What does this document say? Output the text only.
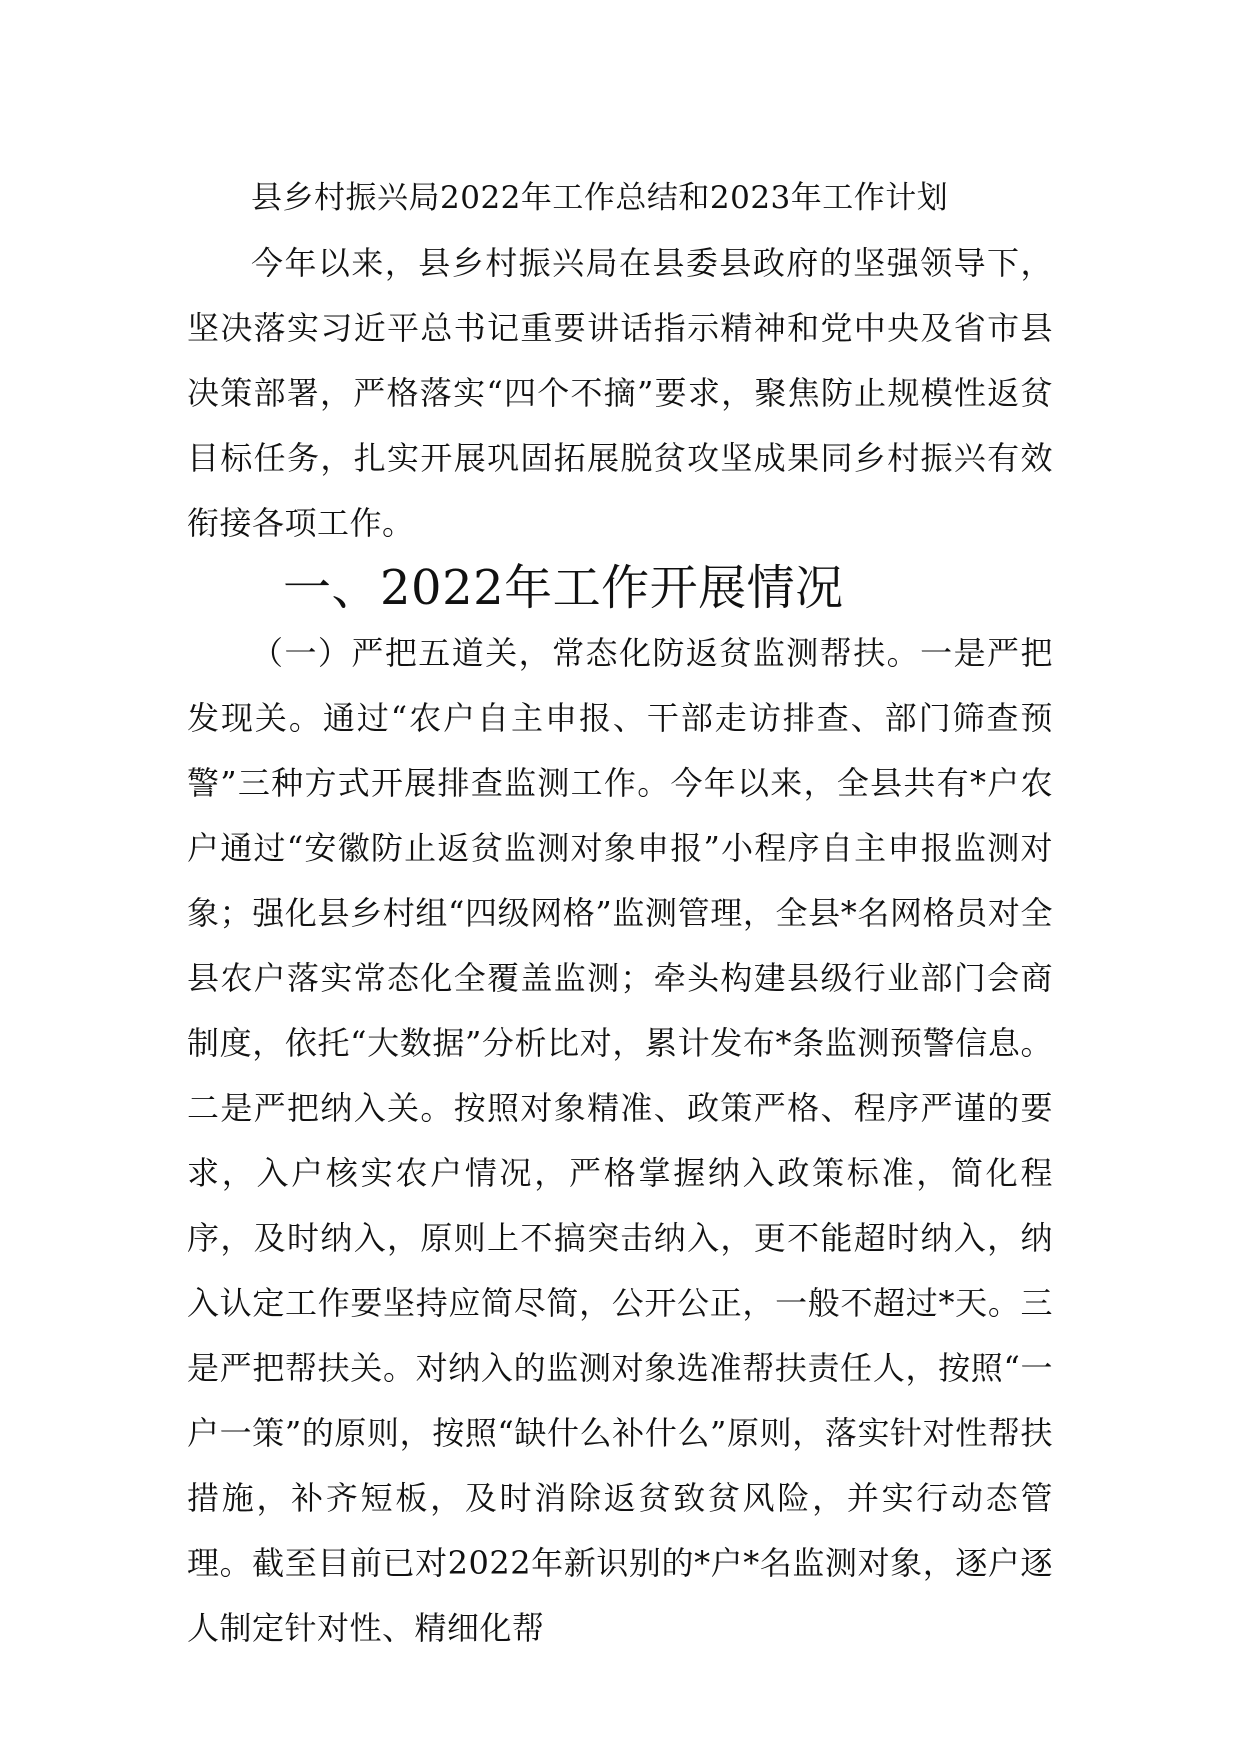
县乡村振兴局2022年工作总结和2023年工作计划

今年以来，县乡村振兴局在县委县政府的坚强领导下，坚决落实习近平总书记重要讲话指示精神和党中央及省市县决策部署，严格落实“四个不摘”要求，聚焦防止规模性返贫目标任务，扎实开展巩固拓展脱贫攻坚成果同乡村振兴有效衔接各项工作。

一、2022年工作开展情况

（一）严把五道关，常态化防返贫监测帮扶。一是严把发现关。通过“农户自主申报、干部走访排查、部门筛查预警”三种方式开展排查监测工作。今年以来，全县共有*户农户通过“安徽防止返贫监测对象申报”小程序自主申报监测对象；强化县乡村组“四级网格”监测管理，全县*名网格员对全县农户落实常态化全覆盖监测；牵头构建县级行业部门会商制度，依托“大数据”分析比对，累计发布*条监测预警信息。二是严把纳入关。按照对象精准、政策严格、程序严谨的要求，入户核实农户情况，严格掌握纳入政策标准，简化程序，及时纳入，原则上不搞突击纳入，更不能超时纳入，纳入认定工作要坚持应简尽简，公开公正，一般不超过*天。三是严把帮扶关。对纳入的监测对象选准帮扶责任人，按照“一户一策”的原则，按照“缺什么补什么”原则，落实针对性帮扶措施，补齐短板，及时消除返贫致贫风险，并实行动态管理。截至目前已对2022年新识别的*户*名监测对象，逐户逐人制定针对性、精细化帮
